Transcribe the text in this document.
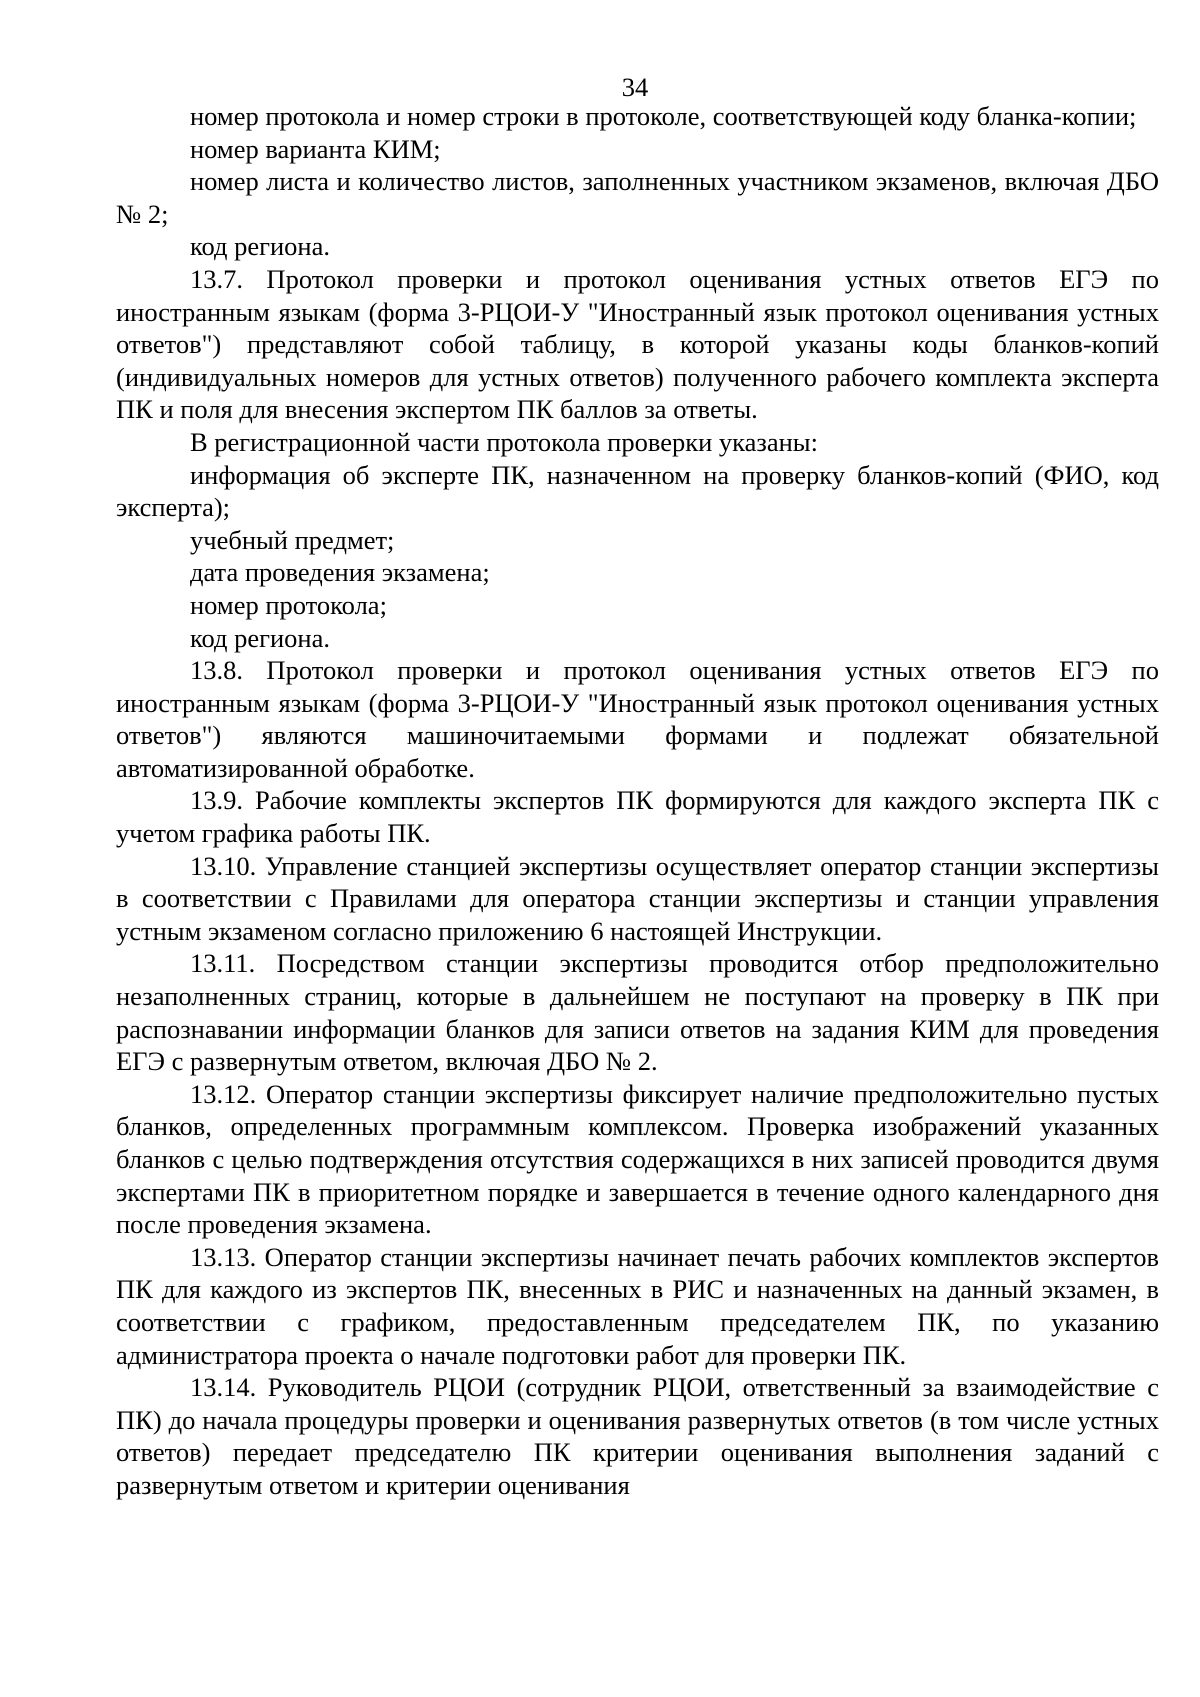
34

номер протокола и номер строки в протоколе, соответствующей коду бланка-копии;

номер варианта КИМ;

номер листа и количество листов, заполненных участником экзаменов, включая ДБО № 2;

код региона.

13.7. Протокол проверки и протокол оценивания устных ответов ЕГЭ по иностранным языкам (форма 3-РЦОИ-У "Иностранный язык протокол оценивания устных ответов") представляют собой таблицу, в которой указаны коды бланков-копий (индивидуальных номеров для устных ответов) полученного рабочего комплекта эксперта ПК и поля для внесения экспертом ПК баллов за ответы.

В регистрационной части протокола проверки указаны:

информация об эксперте ПК, назначенном на проверку бланков-копий (ФИО, код эксперта);

учебный предмет;

дата проведения экзамена;

номер протокола;

код региона.

13.8. Протокол проверки и протокол оценивания устных ответов ЕГЭ по иностранным языкам (форма 3-РЦОИ-У "Иностранный язык протокол оценивания устных ответов") являются машиночитаемыми формами и подлежат обязательной автоматизированной обработке.

13.9. Рабочие комплекты экспертов ПК формируются для каждого эксперта ПК с учетом графика работы ПК.

13.10. Управление станцией экспертизы осуществляет оператор станции экспертизы в соответствии с Правилами для оператора станции экспертизы и станции управления устным экзаменом согласно приложению 6 настоящей Инструкции.

13.11. Посредством станции экспертизы проводится отбор предположительно незаполненных страниц, которые в дальнейшем не поступают на проверку в ПК при распознавании информации бланков для записи ответов на задания КИМ для проведения ЕГЭ с развернутым ответом, включая ДБО № 2.

13.12. Оператор станции экспертизы фиксирует наличие предположительно пустых бланков, определенных программным комплексом. Проверка изображений указанных бланков с целью подтверждения отсутствия содержащихся в них записей проводится двумя экспертами ПК в приоритетном порядке и завершается в течение одного календарного дня после проведения экзамена.

13.13. Оператор станции экспертизы начинает печать рабочих комплектов экспертов ПК для каждого из экспертов ПК, внесенных в РИС и назначенных на данный экзамен, в соответствии с графиком, предоставленным председателем ПК, по указанию администратора проекта о начале подготовки работ для проверки ПК.

13.14. Руководитель РЦОИ (сотрудник РЦОИ, ответственный за взаимодействие с ПК) до начала процедуры проверки и оценивания развернутых ответов (в том числе устных ответов) передает председателю ПК критерии оценивания выполнения заданий с развернутым ответом и критерии оценивания
